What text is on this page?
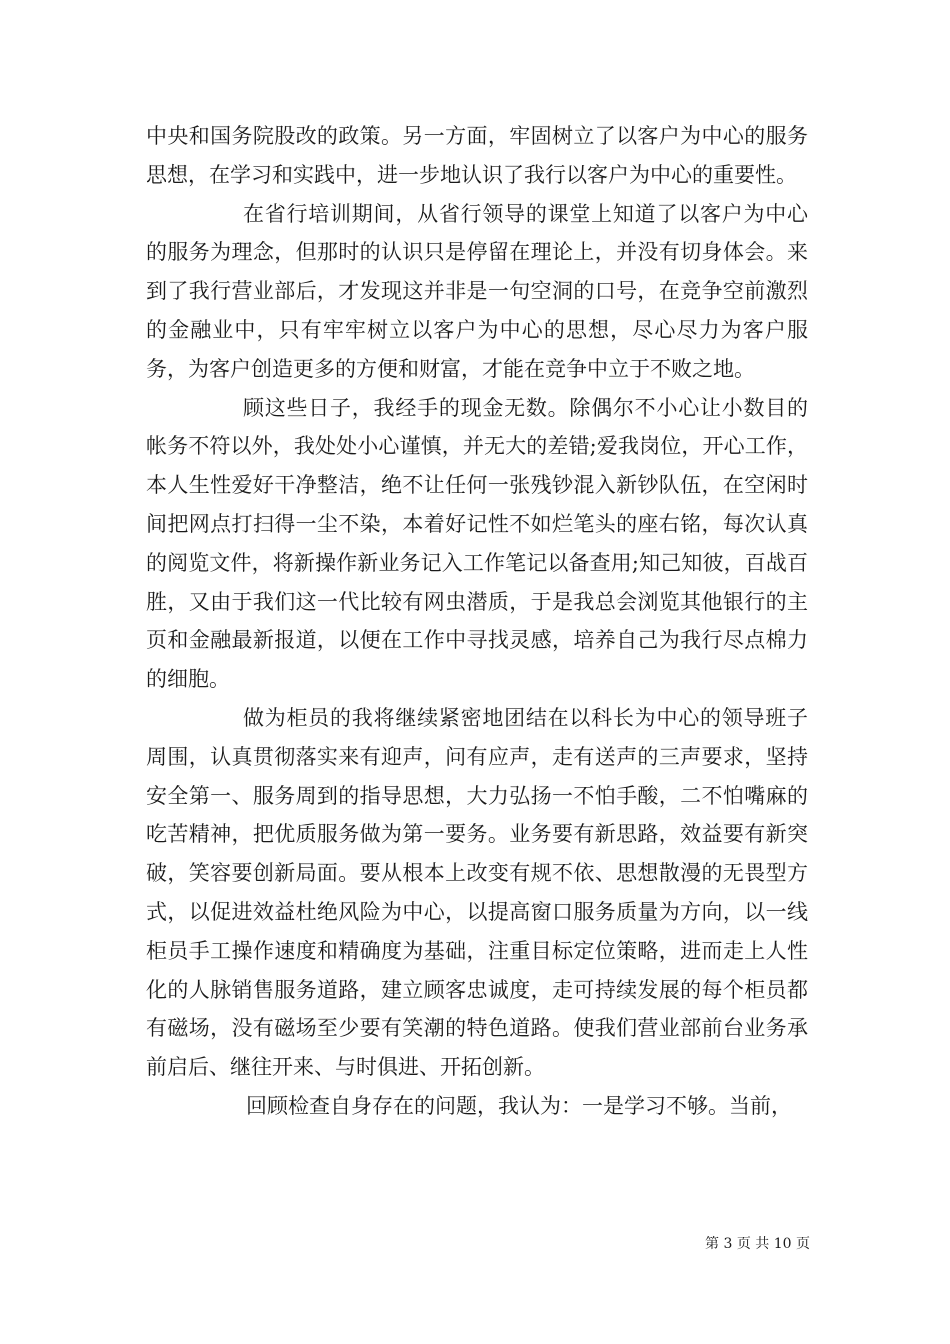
中央和国务院股改的政策。另一方面，牢固树立了以客户为中心的服务思想，在学习和实践中，进一步地认识了我行以客户为中心的重要性。

在省行培训期间，从省行领导的课堂上知道了以客户为中心的服务为理念，但那时的认识只是停留在理论上，并没有切身体会。来到了我行营业部后，才发现这并非是一句空洞的口号，在竞争空前激烈的金融业中，只有牢牢树立以客户为中心的思想，尽心尽力为客户服务，为客户创造更多的方便和财富，才能在竞争中立于不败之地。

顾这些日子，我经手的现金无数。除偶尔不小心让小数目的帐务不符以外，我处处小心谨慎，并无大的差错;爱我岗位，开心工作，本人生性爱好干净整洁，绝不让任何一张残钞混入新钞队伍，在空闲时间把网点打扫得一尘不染，本着好记性不如烂笔头的座右铭，每次认真的阅览文件，将新操作新业务记入工作笔记以备查用;知己知彼，百战百胜，又由于我们这一代比较有网虫潜质，于是我总会浏览其他银行的主页和金融最新报道，以便在工作中寻找灵感，培养自己为我行尽点棉力的细胞。

做为柜员的我将继续紧密地团结在以科长为中心的领导班子周围，认真贯彻落实来有迎声，问有应声，走有送声的三声要求，坚持安全第一、服务周到的指导思想，大力弘扬一不怕手酸，二不怕嘴麻的吃苦精神，把优质服务做为第一要务。业务要有新思路，效益要有新突破，笑容要创新局面。要从根本上改变有规不依、思想散漫的无畏型方式，以促进效益杜绝风险为中心，以提高窗口服务质量为方向，以一线柜员手工操作速度和精确度为基础，注重目标定位策略，进而走上人性化的人脉销售服务道路，建立顾客忠诚度，走可持续发展的每个柜员都有磁场，没有磁场至少要有笑潮的特色道路。使我们营业部前台业务承前启后、继往开来、与时俱进、开拓创新。

回顾检查自身存在的问题，我认为：一是学习不够。当前，

第 3 页 共 10 页
